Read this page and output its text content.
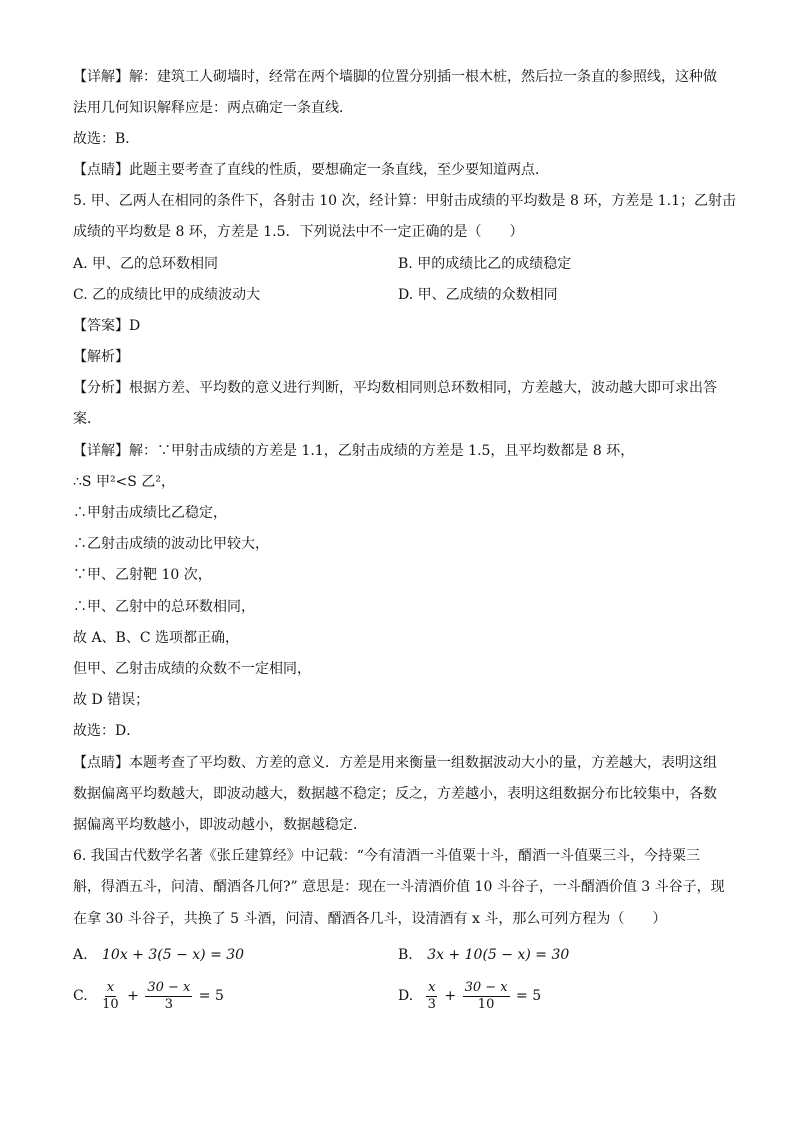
【详解】解：建筑工人砌墙时，经常在两个墙脚的位置分别插一根木桩，然后拉一条直的参照线，这种做
法用几何知识解释应是：两点确定一条直线．
故选：B．
【点睛】此题主要考查了直线的性质，要想确定一条直线，至少要知道两点．
5. 甲、乙两人在相同的条件下，各射击 10 次，经计算：甲射击成绩的平均数是 8 环，方差是 1.1；乙射击
成绩的平均数是 8 环，方差是 1.5．下列说法中不一定正确的是（　　）
A. 甲、乙的总环数相同	B. 甲的成绩比乙的成绩稳定
C. 乙的成绩比甲的成绩波动大	D. 甲、乙成绩的众数相同
【答案】D
【解析】
【分析】根据方差、平均数的意义进行判断，平均数相同则总环数相同，方差越大，波动越大即可求出答
案．
【详解】解：∵甲射击成绩的方差是 1.1，乙射击成绩的方差是 1.5，且平均数都是 8 环，
∴S 甲²<S 乙²，
∴甲射击成绩比乙稳定，
∴乙射击成绩的波动比甲较大，
∵甲、乙射靶 10 次，
∴甲、乙射中的总环数相同，
故 A、B、C 选项都正确，
但甲、乙射击成绩的众数不一定相同，
故 D 错误；
故选：D．
【点睛】本题考查了平均数、方差的意义．方差是用来衡量一组数据波动大小的量，方差越大，表明这组
数据偏离平均数越大，即波动越大，数据越不稳定；反之，方差越小，表明这组数据分布比较集中，各数
据偏离平均数越小，即波动越小，数据越稳定．
6. 我国古代数学名著《张丘建算经》中记载：“今有清酒一斗值粟十斗，醑酒一斗值粟三斗，今持粟三
斛，得酒五斗，问清、醑酒各几何?” 意思是：现在一斗清酒价值 10 斗谷子，一斗醑酒价值 3 斗谷子，现
在拿 30 斗谷子，共换了 5 斗酒，问清、醑酒各几斗，设清酒有 x 斗，那么可列方程为（　　）
A. 10x + 3(5 − x) = 30	B. 3x + 10(5 − x) = 30
C. $\frac{x}{10} + \frac{30 - x}{3} = 5$	D. $\frac{x}{3} + \frac{30 - x}{10} = 5$
